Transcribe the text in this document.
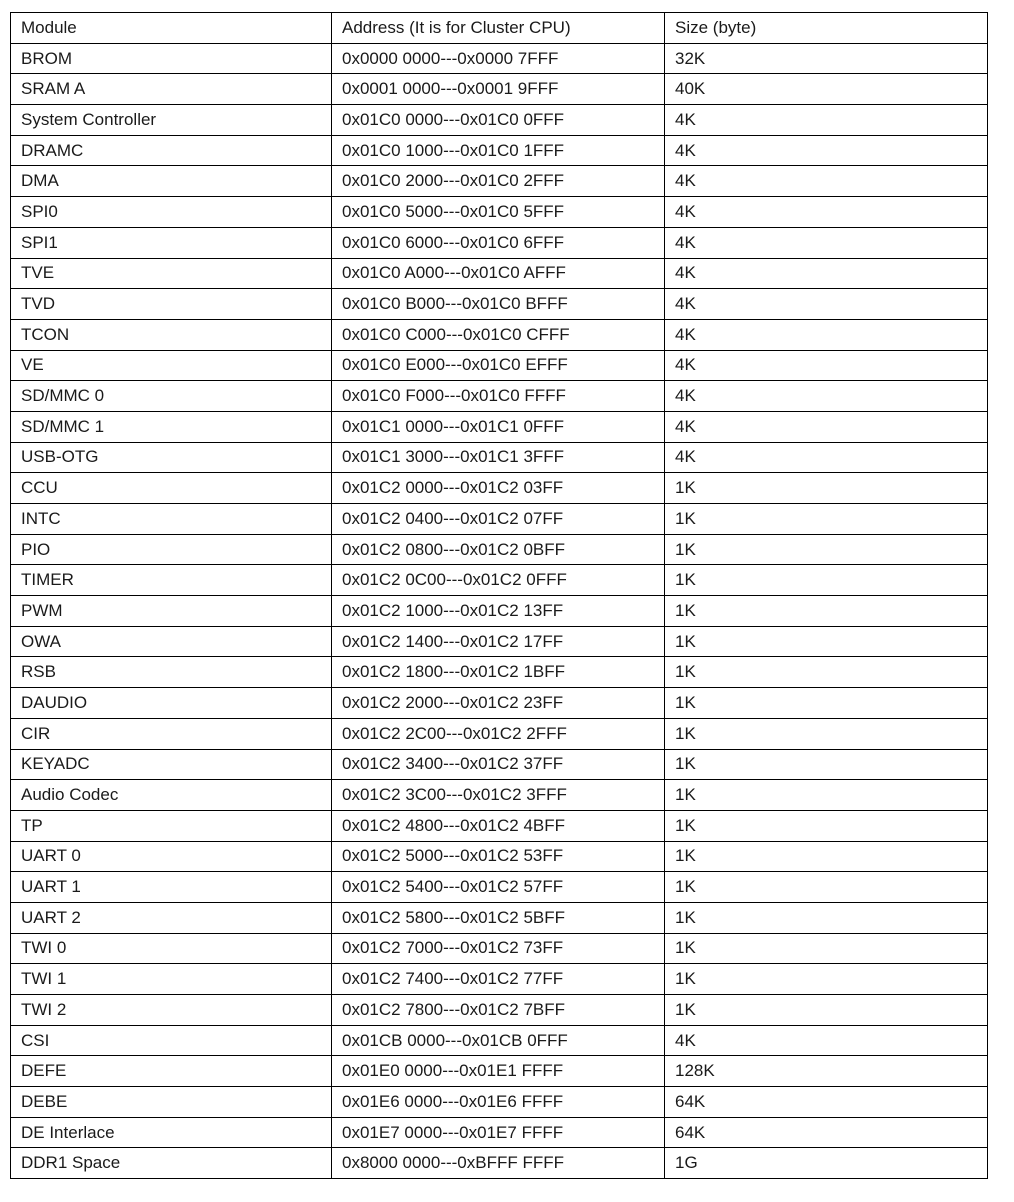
Module	Address (It is for Cluster CPU)	Size (byte)
BROM	0x0000 0000---0x0000 7FFF	32K
SRAM A	0x0001 0000---0x0001 9FFF	40K
System Controller	0x01C0 0000---0x01C0 0FFF	4K
DRAMC	0x01C0 1000---0x01C0 1FFF	4K
DMA	0x01C0 2000---0x01C0 2FFF	4K
SPI0	0x01C0 5000---0x01C0 5FFF	4K
SPI1	0x01C0 6000---0x01C0 6FFF	4K
TVE	0x01C0 A000---0x01C0 AFFF	4K
TVD	0x01C0 B000---0x01C0 BFFF	4K
TCON	0x01C0 C000---0x01C0 CFFF	4K
VE	0x01C0 E000---0x01C0 EFFF	4K
SD/MMC 0	0x01C0 F000---0x01C0 FFFF	4K
SD/MMC 1	0x01C1 0000---0x01C1 0FFF	4K
USB-OTG	0x01C1 3000---0x01C1 3FFF	4K
CCU	0x01C2 0000---0x01C2 03FF	1K
INTC	0x01C2 0400---0x01C2 07FF	1K
PIO	0x01C2 0800---0x01C2 0BFF	1K
TIMER	0x01C2 0C00---0x01C2 0FFF	1K
PWM	0x01C2 1000---0x01C2 13FF	1K
OWA	0x01C2 1400---0x01C2 17FF	1K
RSB	0x01C2 1800---0x01C2 1BFF	1K
DAUDIO	0x01C2 2000---0x01C2 23FF	1K
CIR	0x01C2 2C00---0x01C2 2FFF	1K
KEYADC	0x01C2 3400---0x01C2 37FF	1K
Audio Codec	0x01C2 3C00---0x01C2 3FFF	1K
TP	0x01C2 4800---0x01C2 4BFF	1K
UART 0	0x01C2 5000---0x01C2 53FF	1K
UART 1	0x01C2 5400---0x01C2 57FF	1K
UART 2	0x01C2 5800---0x01C2 5BFF	1K
TWI 0	0x01C2 7000---0x01C2 73FF	1K
TWI 1	0x01C2 7400---0x01C2 77FF	1K
TWI 2	0x01C2 7800---0x01C2 7BFF	1K
CSI	0x01CB 0000---0x01CB 0FFF	4K
DEFE	0x01E0 0000---0x01E1 FFFF	128K
DEBE	0x01E6 0000---0x01E6 FFFF	64K
DE Interlace	0x01E7 0000---0x01E7 FFFF	64K
DDR1 Space	0x8000 0000---0xBFFF FFFF	1G
